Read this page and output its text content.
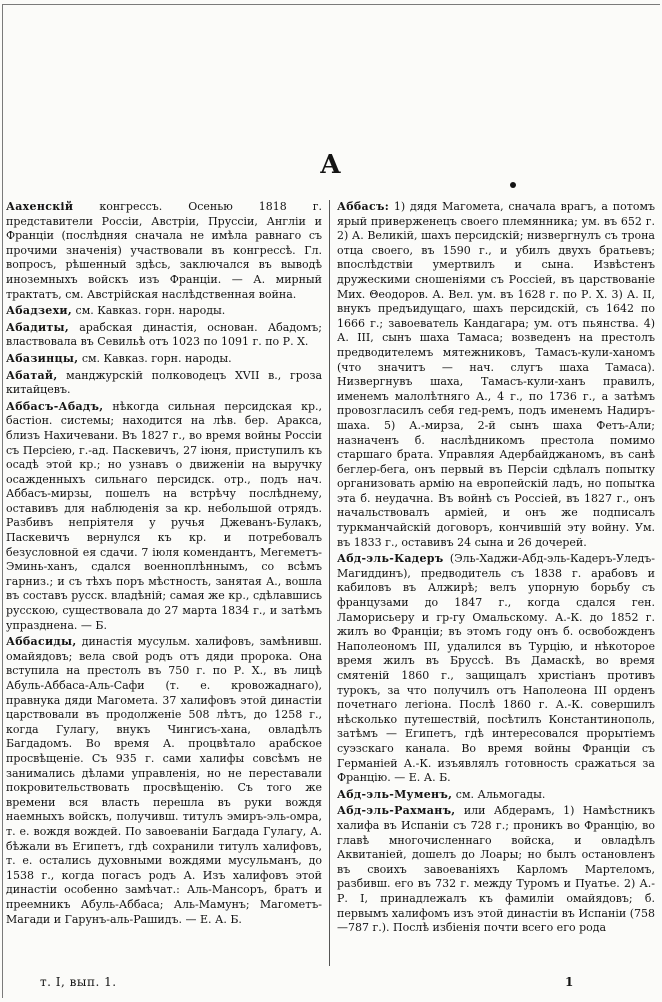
А

Аахенскій конгрессъ. Осенью 1818 г. представители Россіи, Австріи, Пруссіи, Англіи и Франціи (послѣдняя сначала не имѣла равнаго съ прочими значенія) участвовали въ конгрессѣ. Гл. вопросъ, рѣшенный здѣсь, заключался въ выводѣ иноземныхъ войскъ изъ Франціи. — А. мирный трактатъ, см. Австрійская наслѣдственная война.

Абадзехи, см. Кавказ. горн. народы.

Абадиты, арабская династія, основан. Абадомъ; властвовала въ Севильѣ отъ 1023 по 1091 г. по Р. Х.

Абазинцы, см. Кавказ. горн. народы.

Абатай, манджурскій полководецъ XVII в., гроза китайцевъ.

Аббасъ-Абадъ, нѣкогда сильная персидская кр., бастіон. системы; находится на лѣв. бер. Аракса, близъ Нахичевани. Въ 1827 г., во время войны Россіи съ Персіею, г.-ад. Паскевичъ, 27 іюня, приступилъ къ осадѣ этой кр.; но узнавъ о движеніи на выручку осажденныхъ сильнаго персидск. отр., подъ нач. Аббасъ-мирзы, пошелъ на встрѣчу послѣднему, оставивъ для наблюденія за кр. небольшой отрядъ. Разбивъ непріятеля у ручья Джеванъ-Булакъ, Паскевичъ вернулся къ кр. и потребовалъ безусловной ея сдачи. 7 іюля комендантъ, Мегеметъ-Эминь-ханъ, сдался военноплѣннымъ, со всѣмъ гарниз.; и съ тѣхъ поръ мѣстность, занятая А., вошла въ составъ русск. владѣній; самая же кр., сдѣлавшись русскою, существовала до 27 марта 1834 г., и затѣмъ упразднена. — Б.

Аббасиды, династія мусульм. халифовъ, замѣнивш. омайядовъ; вела свой родъ отъ дяди пророка. Она вступила на престолъ въ 750 г. по Р. Х., въ лицѣ Абуль-Аббаса-Аль-Сафи (т. е. кровожаднаго), правнука дяди Магомета. 37 халифовъ этой династіи царствовали въ продолженіе 508 лѣтъ, до 1258 г., когда Гулагу, внукъ Чингисъ-хана, овладѣлъ Багдадомъ. Во время А. процвѣтало арабское просвѣщеніе. Съ 935 г. сами халифы совсѣмъ не занимались дѣлами управленія, но не переставали покровительствовать просвѣщенію. Съ того же времени вся власть перешла въ руки вождя наемныхъ войскъ, получивш. титулъ эмиръ-эль-омра, т. е. вождя вождей. По завоеваніи Багдада Гулагу, А. бѣжали въ Египетъ, гдѣ сохранили титулъ халифовъ, т. е. остались духовными вождями мусульманъ, до 1538 г., когда погасъ родъ А. Изъ халифовъ этой династіи особенно замѣчат.: Аль-Мансоръ, братъ и преемникъ Абуль-Аббаса; Аль-Мамунъ; Магометъ-Магади и Гарунъ-аль-Рашидъ. — Е. А. Б.

Аббасъ: 1) дядя Магомета, сначала врагъ, а потомъ ярый приверженецъ своего племянника; ум. въ 652 г. 2) А. Великій, шахъ персидскій; низвергнулъ съ трона отца своего, въ 1590 г., и убилъ двухъ братьевъ; впослѣдствіи умертвилъ и сына. Извѣстенъ дружескими сношеніями съ Россіей, въ царствованіе Мих. Θеодоров. А. Вел. ум. въ 1628 г. по Р. Х. 3) А. II, внукъ предъидущаго, шахъ персидскій, съ 1642 по 1666 г.; завоеватель Кандагара; ум. отъ пьянства. 4) А. III, сынъ шаха Тамаса; возведенъ на престолъ предводителемъ мятежниковъ, Тамасъ-кули-ханомъ (что значитъ — нач. слугъ шаха Тамаса). Низвергнувъ шаха, Тамасъ-кули-ханъ правилъ, именемъ малолѣтняго А., 4 г., по 1736 г., а затѣмъ провозгласилъ себя гед-ремъ, подъ именемъ Надиръ-шаха. 5) А.-мирза, 2-й сынъ шаха Фетъ-Али; назначенъ б. наслѣдникомъ престола помимо старшаго брата. Управляя Адербайджаномъ, въ санѣ беглер-бега, онъ первый въ Персіи сдѣлалъ попытку организовать армію на европейскій ладъ, но попытка эта б. неудачна. Въ войнѣ съ Россіей, въ 1827 г., онъ начальствовалъ арміей, и онъ же подписалъ туркманчайскій договоръ, кончившій эту войну. Ум. въ 1833 г., оставивъ 24 сына и 26 дочерей.

Абд-эль-Кадеръ (Эль-Хаджи-Абд-эль-Кадеръ-Уледъ-Магиддинъ), предводитель съ 1838 г. арабовъ и кабиловъ въ Алжирѣ; велъ упорную борьбу съ французами до 1847 г., когда сдался ген. Ламорисьеру и гр-гу Омальскому. А.-К. до 1852 г. жилъ во Франціи; въ этомъ году онъ б. освобожденъ Наполеономъ III, удалился въ Турцію, и нѣкоторое время жилъ въ Бруссѣ. Въ Дамаскѣ, во время смятеній 1860 г., защищалъ христіанъ противъ турокъ, за что получилъ отъ Наполеона III орденъ почетнаго легіона. Послѣ 1860 г. А.-К. совершилъ нѣсколько путешествій, посѣтилъ Константинополь, затѣмъ — Египетъ, гдѣ интересовался прорытіемъ суэзскаго канала. Во время войны Франціи съ Германіей А.-К. изъявлялъ готовность сражаться за Францію. — Е. А. Б.

Абд-эль-Муменъ, см. Альмогады.

Абд-эль-Рахманъ, или Абдерамъ, 1) Намѣстникъ халифа въ Испаніи съ 728 г.; проникъ во Францію, во главѣ многочисленнаго войска, и овладѣлъ Аквитаніей, дошелъ до Лоары; но былъ остановленъ въ своихъ завоеваніяхъ Карломъ Мартеломъ, разбивш. его въ 732 г. между Туромъ и Пуатье. 2) А.-Р. I, принадлежалъ къ фамиліи омайядовъ; б. первымъ халифомъ изъ этой династіи въ Испаніи (758—787 г.). Послѣ избіенія почти всего его рода

т. I, вып. 1.	1
